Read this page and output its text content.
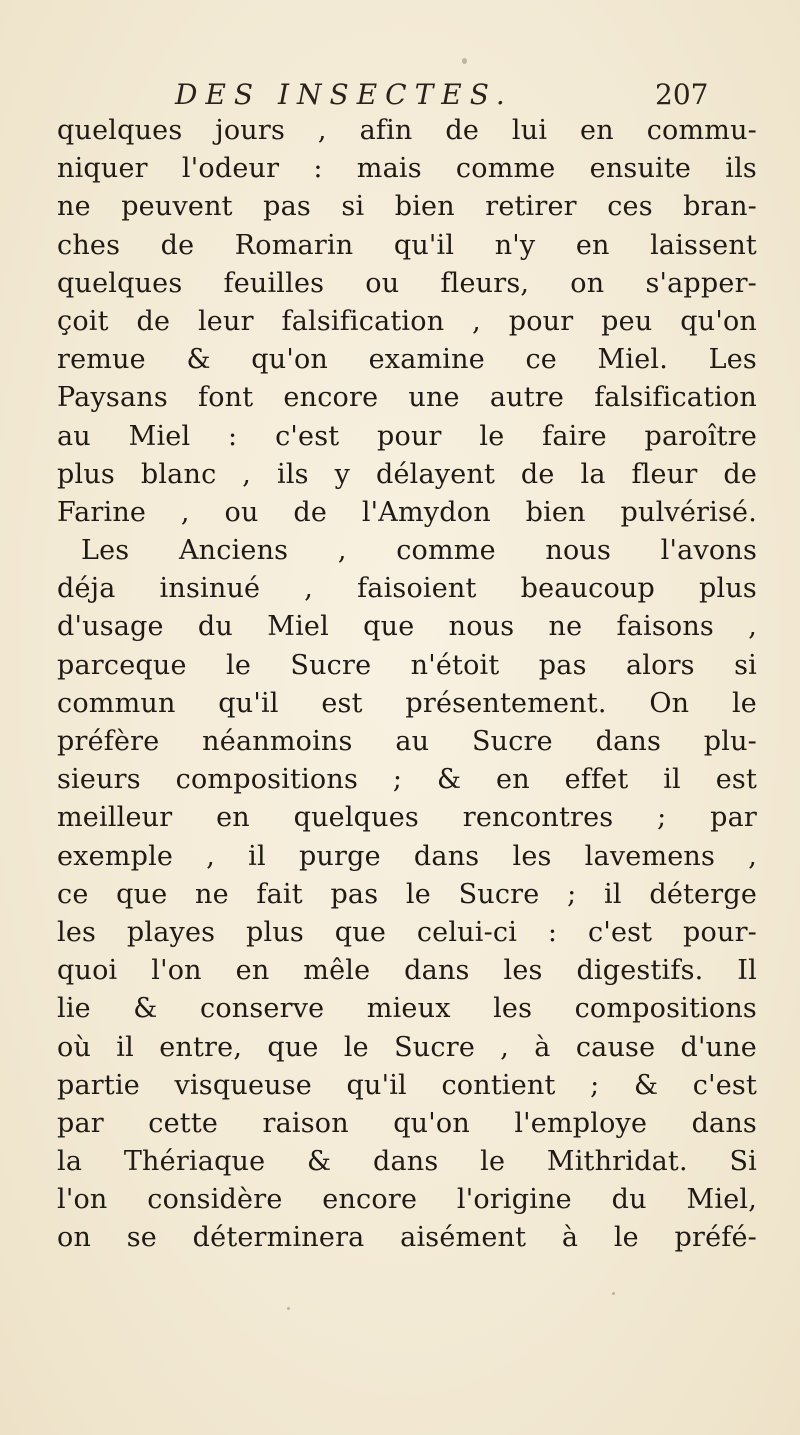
DES INSECTES.	207
quelques jours , afin de lui en commu-
niquer l'odeur : mais comme ensuite ils
ne peuvent pas si bien retirer ces bran-
ches de Romarin qu'il n'y en laissent
quelques feuilles ou fleurs, on s'apper-
çoit de leur falsification , pour peu qu'on
remue & qu'on examine ce Miel. Les
Paysans font encore une autre falsification
au Miel : c'est pour le faire paroître
plus blanc , ils y délayent de la fleur de
Farine , ou de l'Amydon bien pulvérisé.
Les Anciens , comme nous l'avons
déja insinué , faisoient beaucoup plus
d'usage du Miel que nous ne faisons ,
parceque le Sucre n'étoit pas alors si
commun qu'il est présentement. On le
préfère néanmoins au Sucre dans plu-
sieurs compositions ; & en effet il est
meilleur en quelques rencontres ; par
exemple , il purge dans les lavemens ,
ce que ne fait pas le Sucre ; il déterge
les playes plus que celui-ci : c'est pour-
quoi l'on en mêle dans les digestifs. Il
lie & conserve mieux les compositions
où il entre, que le Sucre , à cause d'une
partie visqueuse qu'il contient ; & c'est
par cette raison qu'on l'employe dans
la Thériaque & dans le Mithridat. Si
l'on considère encore l'origine du Miel,
on se déterminera aisément à le préfé-
